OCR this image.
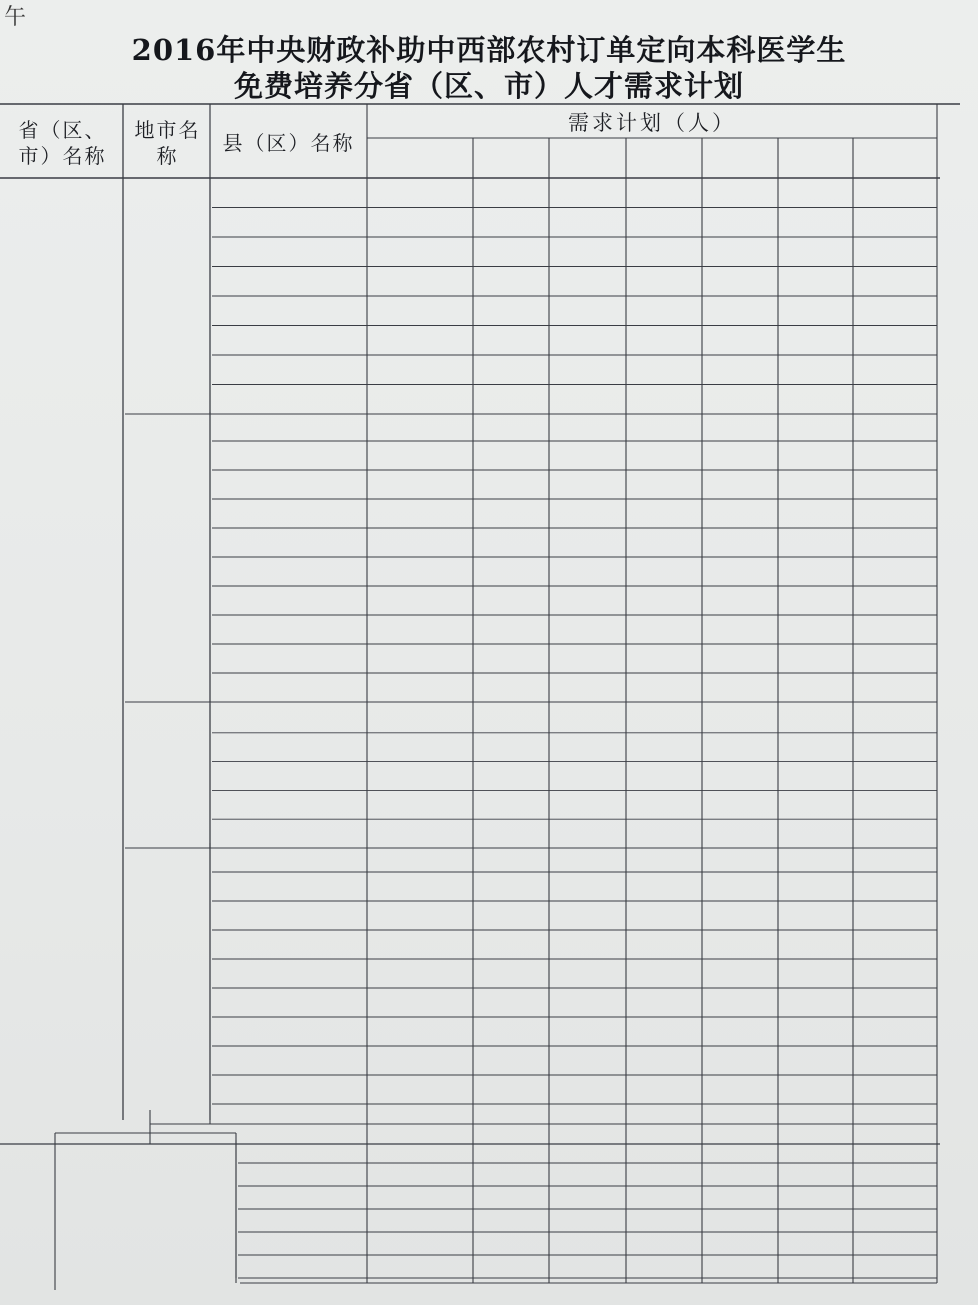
午
2016年中央财政补助中西部农村订单定向本科医学生
免费培养分省（区、市）人才需求计划
省（区、市）名称
地市名称
县（区）名称
需求计划（人）
